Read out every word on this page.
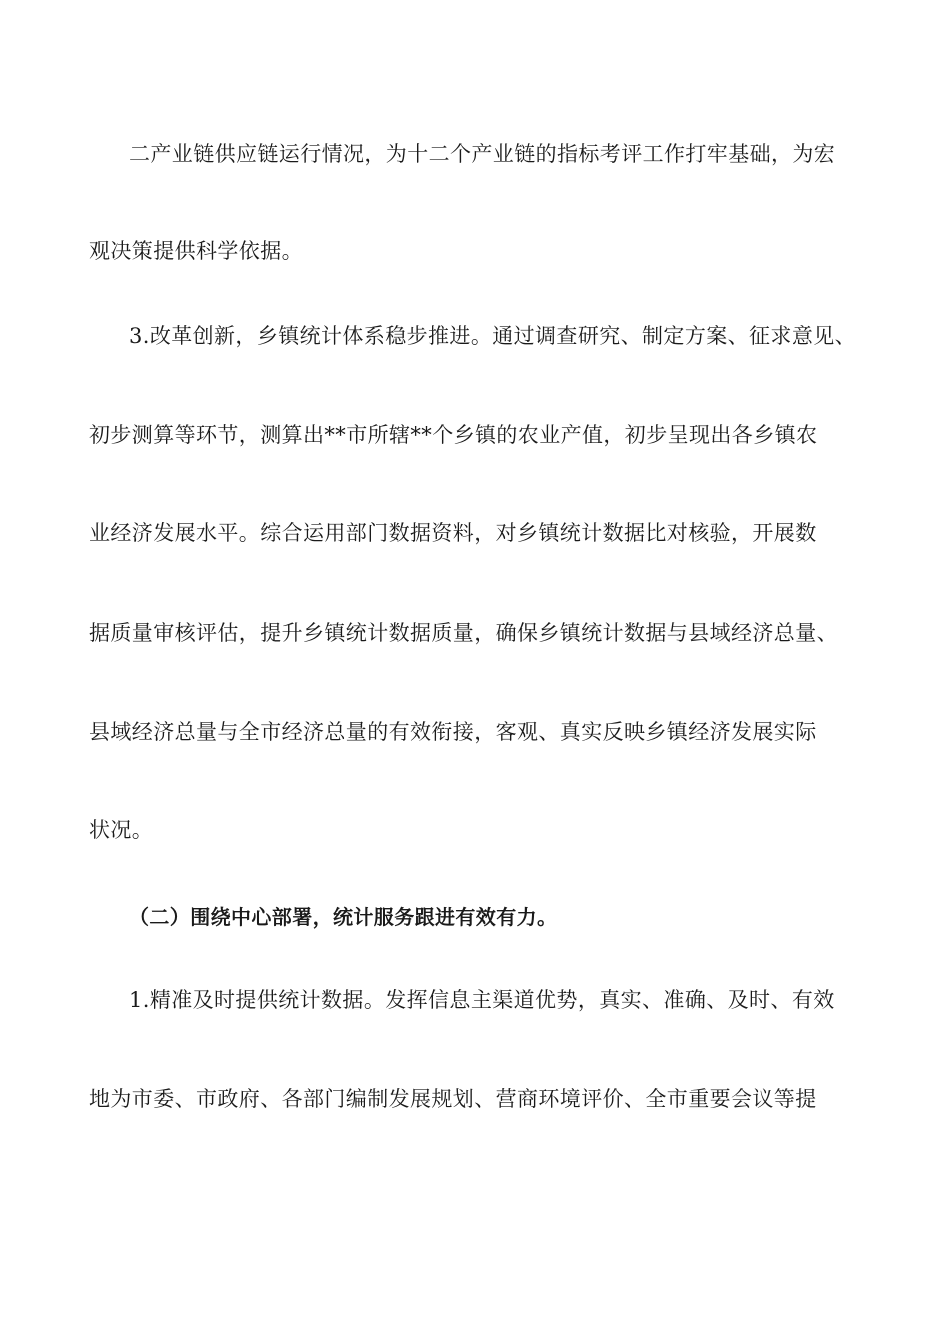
二产业链供应链运行情况，为十二个产业链的指标考评工作打牢基础，为宏
观决策提供科学依据。
3.改革创新，乡镇统计体系稳步推进。通过调查研究、制定方案、征求意见、
初步测算等环节，测算出**市所辖**个乡镇的农业产值，初步呈现出各乡镇农
业经济发展水平。综合运用部门数据资料，对乡镇统计数据比对核验，开展数
据质量审核评估，提升乡镇统计数据质量，确保乡镇统计数据与县域经济总量、
县域经济总量与全市经济总量的有效衔接，客观、真实反映乡镇经济发展实际
状况。
（二）围绕中心部署，统计服务跟进有效有力。
1.精准及时提供统计数据。发挥信息主渠道优势，真实、准确、及时、有效
地为市委、市政府、各部门编制发展规划、营商环境评价、全市重要会议等提
